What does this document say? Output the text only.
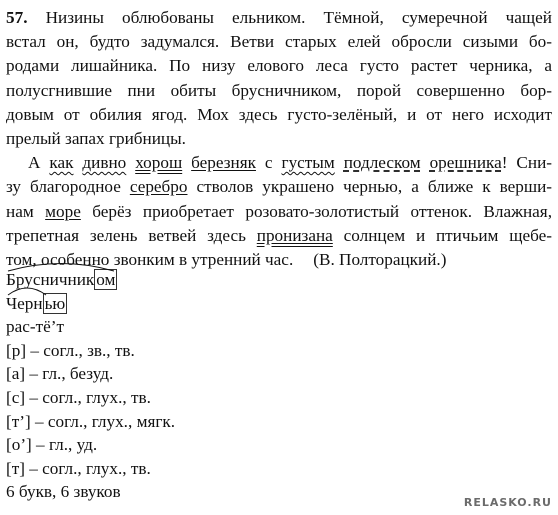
57. Низины облюбованы ельником. Тёмной, сумеречной чащей
встал он, будто задумался. Ветви старых елей обросли сизыми бо-
родами лишайника. По низу елового леса густо растет черника, а
полусгнившие пни обиты брусничником, порой совершенно бор-
довым от обилия ягод. Мох здесь густо-зелёный, и от него исходит
прелый запах грибницы.

А как дивно хорош березняк с густым подлеском орешника! Сни-
зу благородное серебро стволов украшено чернью, а ближе к верши-
нам море берёз приобретает розовато-золотистый оттенок. Влажная,
трепетная зелень ветвей здесь пронизана солнцем и птичьим щебе-
том, особенно звонким в утренний час. (В. Полторацкий.)

Брусничник ом
Черн ью
рас-тё’т
[р] – согл., зв., тв.
[а] – гл., безуд.
[с] – согл., глух., тв.
[т’] – согл., глух., мягк.
[о’] – гл., уд.
[т] – согл., глух., тв.
6 букв, 6 звуков
RELASKO.RU
